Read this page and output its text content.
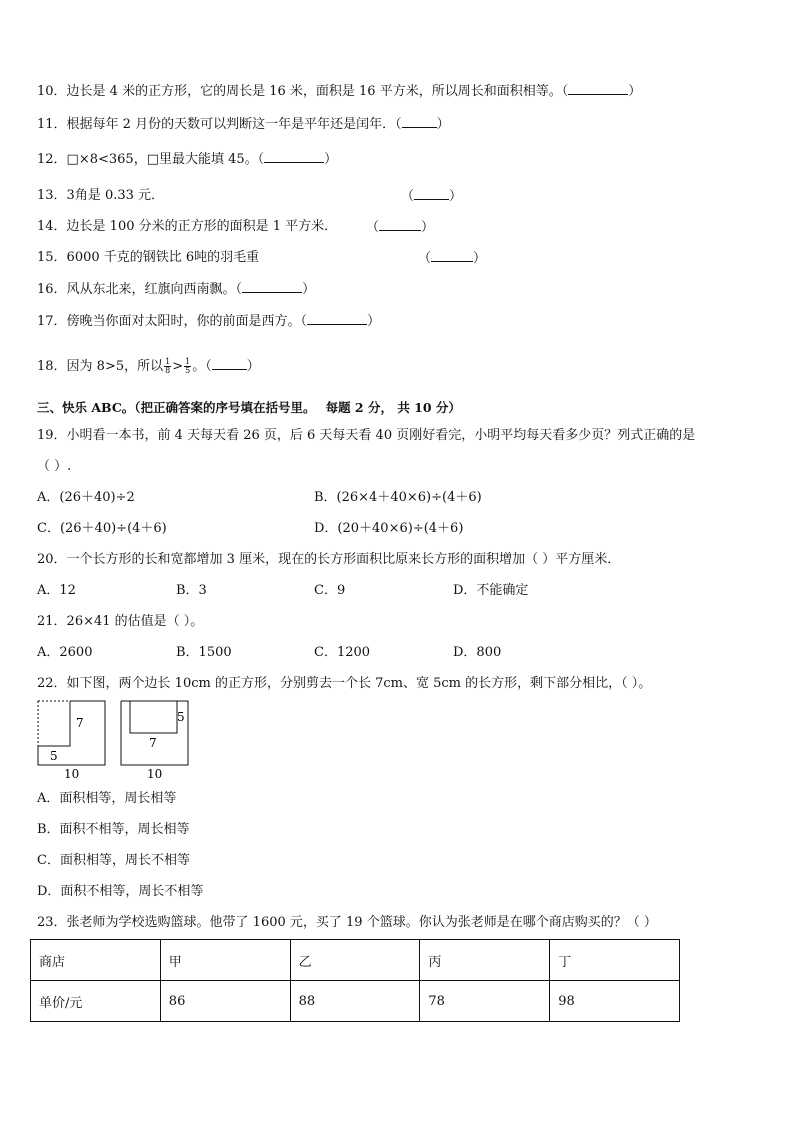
10．边长是 4 米的正方形，它的周长是 16 米，面积是 16 平方米，所以周长和面积相等。（	）
11．根据每年 2 月份的天数可以判断这一年是平年还是闰年．（	）
12．□×8<365，□里最大能填 45。（	）
13．3角是 0.33 元．	（	）
14．边长是 100 分米的正方形的面积是 1 平方米． （	）
15．6000 千克的钢铁比 6吨的羽毛重	（	）
16．风从东北来，红旗向西南飘。（	）
17．傍晚当你面对太阳时，你的前面是西方。（	）
18．因为 8>5，所以 $\frac{1}{8} > \frac{1}{5}$ 。（	）
三、快乐 ABC。（把正确答案的序号填在括号里。 每题 2 分， 共 10 分）
19．小明看一本书，前 4 天每天看 26 页，后 6 天每天看 40 页刚好看完，小明平均每天看多少页？列式正确的是
（ ）.
A．(26＋40)÷2	B．(26×4＋40×6)÷(4＋6)
C．(26＋40)÷(4＋6)	D．(20＋40×6)÷(4＋6)
20．一个长方形的长和宽都增加 3 厘米，现在的长方形面积比原来长方形的面积增加（ ）平方厘米．
A．12	B．3	C．9	D．不能确定
21．26×41 的估值是（ ）。
A．2600	B．1500	C．1200	D．800
22．如下图，两个边长 10cm 的正方形，分别剪去一个长 7cm、宽 5cm 的长方形，剩下部分相比，（ ）。
7
5
10
5
7
10
A．面积相等，周长相等
B．面积不相等，周长相等
C．面积相等，周长不相等
D．面积不相等，周长不相等
23．张老师为学校选购篮球。他带了 1600 元，买了 19 个篮球。你认为张老师是在哪个商店购买的？（ ）
商店	甲	乙	丙	丁
单价/元	86	88	78	98
